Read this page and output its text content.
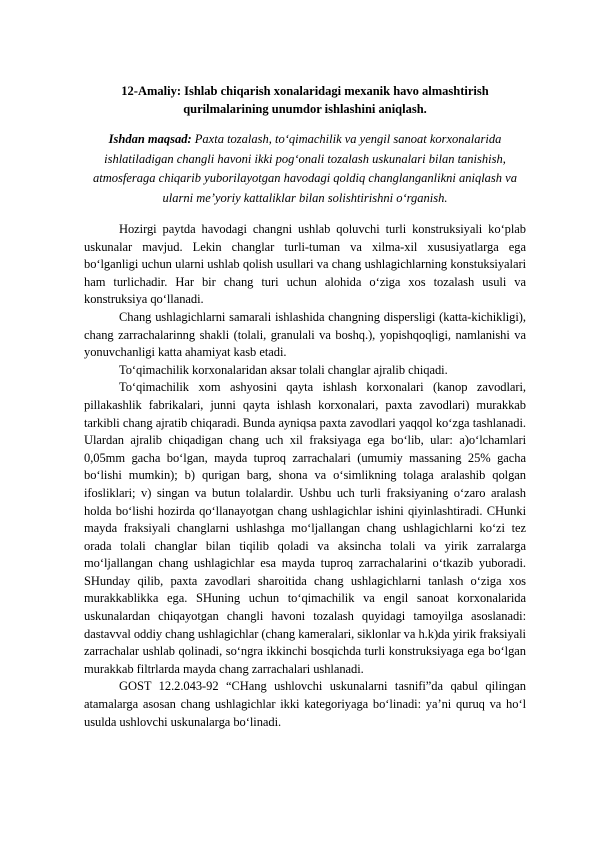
12-Amaliy: Ishlab chiqarish xonalaridagi mexanik havo almashtirish
qurilmalarining unumdor ishlashini aniqlash.

Ishdan maqsad: Paxta tozalash, to‘qimachilik va yengil sanoat korxonalarida ishlatiladigan changli havoni ikki pog‘onali tozalash uskunalari bilan tanishish, atmosferaga chiqarib yuborilayotgan havodagi qoldiq changlanganlikni aniqlash va ularni me’yoriy kattaliklar bilan solishtirishni o‘rganish.

Hozirgi paytda havodagi changni ushlab qoluvchi turli konstruksiyali ko‘plab uskunalar mavjud. Lekin changlar turli-tuman va xilma-xil xususiyatlarga ega bo‘lganligi uchun ularni ushlab qolish usullari va chang ushlagichlarning konstuksiyalari ham turlichadir. Har bir chang turi uchun alohida o‘ziga xos tozalash usuli va konstruksiya qo‘llanadi.

Chang ushlagichlarni samarali ishlashida changning dispersligi (katta-kichikligi), chang zarrachalarinng shakli (tolali, granulali va boshq.), yopishqoqligi, namlanishi va yonuvchanligi katta ahamiyat kasb etadi.

To‘qimachilik korxonalaridan aksar tolali changlar ajralib chiqadi.

To‘qimachilik xom ashyosini qayta ishlash korxonalari (kanop zavodlari, pillakashlik fabrikalari, junni qayta ishlash korxonalari, paxta zavodlari) murakkab tarkibli chang ajratib chiqaradi. Bunda ayniqsa paxta zavodlari yaqqol ko‘zga tashlanadi. Ulardan ajralib chiqadigan chang uch xil fraksiyaga ega bo‘lib, ular: a)o‘lchamlari 0,05mm gacha bo‘lgan, mayda tuproq zarrachalari (umumiy massaning 25% gacha bo‘lishi mumkin); b) qurigan barg, shona va o‘simlikning tolaga aralashib qolgan ifosliklari; v) singan va butun tolalardir. Ushbu uch turli fraksiyaning o‘zaro aralash holda bo‘lishi hozirda qo‘llanayotgan chang ushlagichlar ishini qiyinlashtiradi. CHunki mayda fraksiyali changlarni ushlashga mo‘ljallangan chang ushlagichlarni ko‘zi tez orada tolali changlar bilan tiqilib qoladi va aksincha tolali va yirik zarralarga mo‘ljallangan chang ushlagichlar esa mayda tuproq zarrachalarini o‘tkazib yuboradi. SHunday qilib, paxta zavodlari sharoitida chang ushlagichlarni tanlash o‘ziga xos murakkablikka ega. SHuning uchun to‘qimachilik va engil sanoat korxonalarida uskunalardan chiqayotgan changli havoni tozalash quyidagi tamoyilga asoslanadi: dastavval oddiy chang ushlagichlar (chang kameralari, siklonlar va h.k)da yirik fraksiyali zarrachalar ushlab qolinadi, so‘ngra ikkinchi bosqichda turli konstruksiyaga ega bo‘lgan murakkab filtrlarda mayda chang zarrachalari ushlanadi.

GOST 12.2.043-92 “CHang ushlovchi uskunalarni tasnifi”da qabul qilingan atamalarga asosan chang ushlagichlar ikki kategoriyaga bo‘linadi: ya’ni quruq va ho‘l usulda ushlovchi uskunalarga bo‘linadi.
